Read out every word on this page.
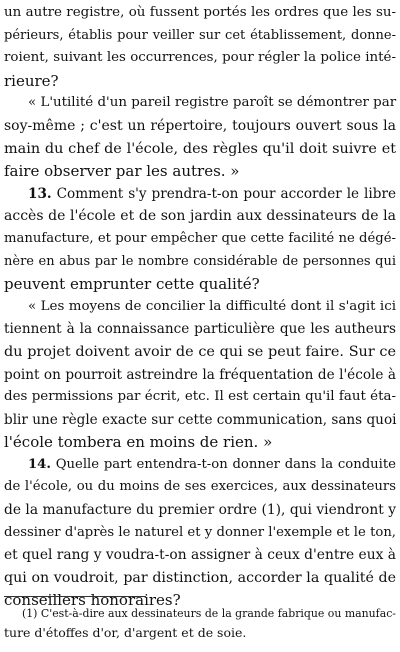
un autre registre, où fussent portés les ordres que les su-
périeurs, établis pour veiller sur cet établissement, donne-
roient, suivant les occurrences, pour régler la police inté-
rieure?

« L'utilité d'un pareil registre paroît se démontrer par
soy-même ; c'est un répertoire, toujours ouvert sous la
main du chef de l'école, des règles qu'il doit suivre et
faire observer par les autres. »

13. Comment s'y prendra-t-on pour accorder le libre
accès de l'école et de son jardin aux dessinateurs de la
manufacture, et pour empêcher que cette facilité ne dégé-
nère en abus par le nombre considérable de personnes qui
peuvent emprunter cette qualité?

« Les moyens de concilier la difficulté dont il s'agit ici
tiennent à la connaissance particulière que les autheurs
du projet doivent avoir de ce qui se peut faire. Sur ce
point on pourroit astreindre la fréquentation de l'école à
des permissions par écrit, etc. Il est certain qu'il faut éta-
blir une règle exacte sur cette communication, sans quoi
l'école tombera en moins de rien. »

14. Quelle part entendra-t-on donner dans la conduite
de l'école, ou du moins de ses exercices, aux dessinateurs
de la manufacture du premier ordre (1), qui viendront y
dessiner d'après le naturel et y donner l'exemple et le ton,
et quel rang y voudra-t-on assigner à ceux d'entre eux à
qui on voudroit, par distinction, accorder la qualité de
conseillers honoraires?

(1) C'est-à-dire aux dessinateurs de la grande fabrique ou manufac-
ture d'étoffes d'or, d'argent et de soie.
